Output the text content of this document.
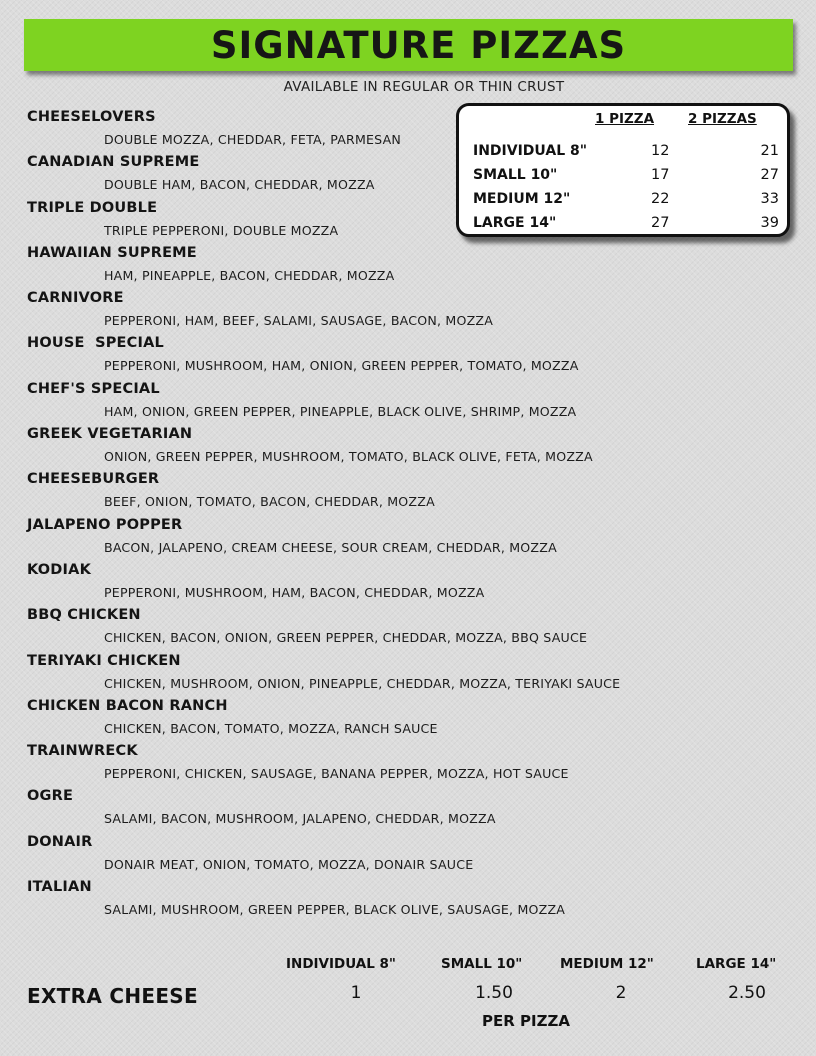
SIGNATURE PIZZAS
AVAILABLE IN REGULAR OR THIN CRUST
CHEESELOVERS
DOUBLE MOZZA, CHEDDAR, FETA, PARMESAN
CANADIAN SUPREME
DOUBLE HAM, BACON, CHEDDAR, MOZZA
TRIPLE DOUBLE
TRIPLE PEPPERONI, DOUBLE MOZZA
HAWAIIAN SUPREME
HAM, PINEAPPLE, BACON, CHEDDAR, MOZZA
CARNIVORE
PEPPERONI, HAM, BEEF, SALAMI, SAUSAGE, BACON, MOZZA
HOUSE  SPECIAL
PEPPERONI, MUSHROOM, HAM, ONION, GREEN PEPPER, TOMATO, MOZZA
CHEF'S SPECIAL
HAM, ONION, GREEN PEPPER, PINEAPPLE, BLACK OLIVE, SHRIMP, MOZZA
GREEK VEGETARIAN
ONION, GREEN PEPPER, MUSHROOM, TOMATO, BLACK OLIVE, FETA, MOZZA
CHEESEBURGER
BEEF, ONION, TOMATO, BACON, CHEDDAR, MOZZA
JALAPENO POPPER
BACON, JALAPENO, CREAM CHEESE, SOUR CREAM, CHEDDAR, MOZZA
KODIAK
PEPPERONI, MUSHROOM, HAM, BACON, CHEDDAR, MOZZA
BBQ CHICKEN
CHICKEN, BACON, ONION, GREEN PEPPER, CHEDDAR, MOZZA, BBQ SAUCE
TERIYAKI CHICKEN
CHICKEN, MUSHROOM, ONION, PINEAPPLE, CHEDDAR, MOZZA, TERIYAKI SAUCE
CHICKEN BACON RANCH
CHICKEN, BACON, TOMATO, MOZZA, RANCH SAUCE
TRAINWRECK
PEPPERONI, CHICKEN, SAUSAGE, BANANA PEPPER, MOZZA, HOT SAUCE
OGRE
SALAMI, BACON, MUSHROOM, JALAPENO, CHEDDAR, MOZZA
DONAIR
DONAIR MEAT, ONION, TOMATO, MOZZA, DONAIR SAUCE
ITALIAN
SALAMI, MUSHROOM, GREEN PEPPER, BLACK OLIVE, SAUSAGE, MOZZA
1 PIZZA	2 PIZZAS
INDIVIDUAL 8"	12	21
SMALL 10"	17	27
MEDIUM 12"	22	33
LARGE 14"	27	39
EXTRA CHEESE
INDIVIDUAL 8"	SMALL 10"	MEDIUM 12"	LARGE 14"
1	1.50	2	2.50
PER PIZZA
